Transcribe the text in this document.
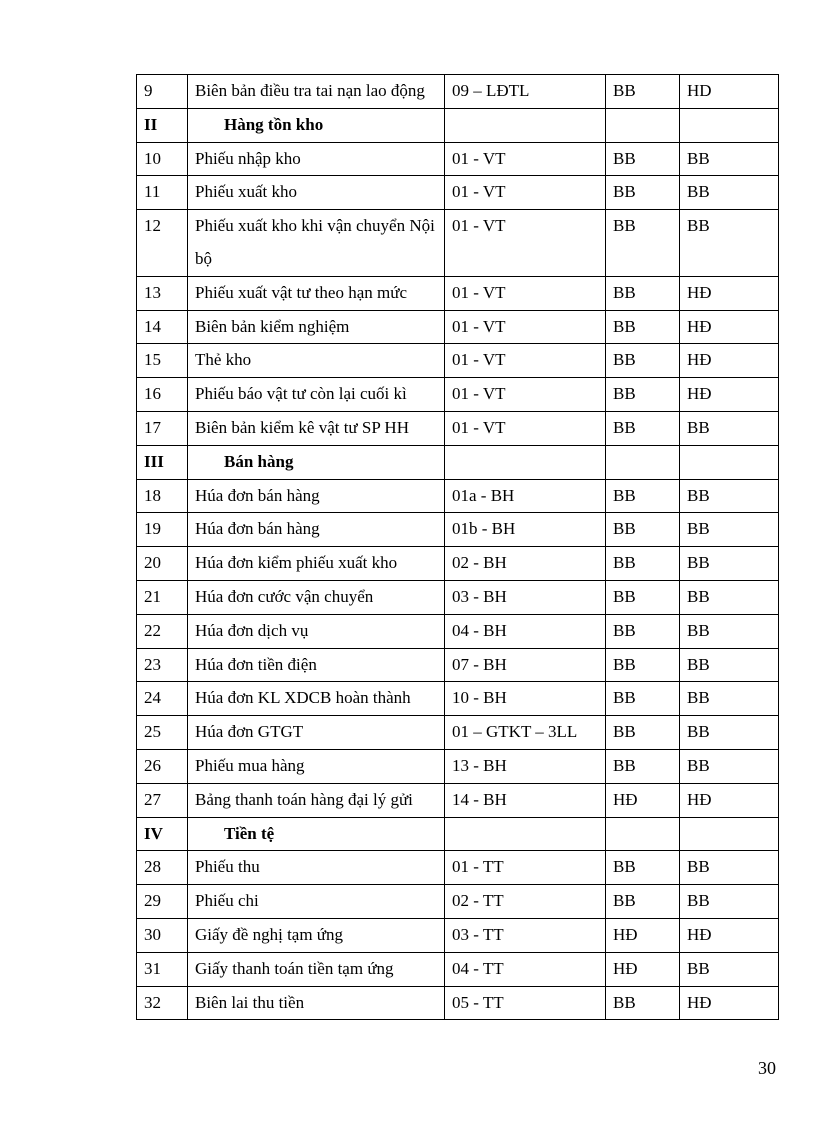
9	Biên bản điều tra tai nạn lao động	09 – LĐTL	BB	HD
II	Hàng tồn kho			
10	Phiếu nhập kho	01 - VT	BB	BB
11	Phiếu xuất kho	01 - VT	BB	BB
12	Phiếu xuất kho khi vận chuyển Nội bộ	01 - VT	BB	BB
13	Phiếu xuất vật tư theo hạn mức	01 - VT	BB	HĐ
14	Biên bản kiểm nghiệm	01 - VT	BB	HĐ
15	Thẻ kho	01 - VT	BB	HĐ
16	Phiếu báo vật tư còn lại cuối kì	01 - VT	BB	HĐ
17	Biên bản kiểm kê vật tư SP HH	01 - VT	BB	BB
III	Bán hàng			
18	Húa đơn bán hàng	01a - BH	BB	BB
19	Húa đơn bán hàng	01b - BH	BB	BB
20	Húa đơn kiểm phiếu xuất kho	02 - BH	BB	BB
21	Húa đơn cước vận chuyển	03 - BH	BB	BB
22	Húa đơn dịch vụ	04 - BH	BB	BB
23	Húa đơn tiền điện	07 - BH	BB	BB
24	Húa đơn KL XDCB hoàn thành	10 - BH	BB	BB
25	Húa đơn GTGT	01 – GTKT – 3LL	BB	BB
26	Phiếu mua hàng	13 - BH	BB	BB
27	Bảng thanh toán hàng đại lý gửi	14 - BH	HĐ	HĐ
IV	Tiền tệ			
28	Phiếu thu	01 - TT	BB	BB
29	Phiếu chi	02 - TT	BB	BB
30	Giấy đề nghị tạm ứng	03 - TT	HĐ	HĐ
31	Giấy thanh toán tiền tạm ứng	04 - TT	HĐ	BB
32	Biên lai thu tiền	05 - TT	BB	HĐ
30
